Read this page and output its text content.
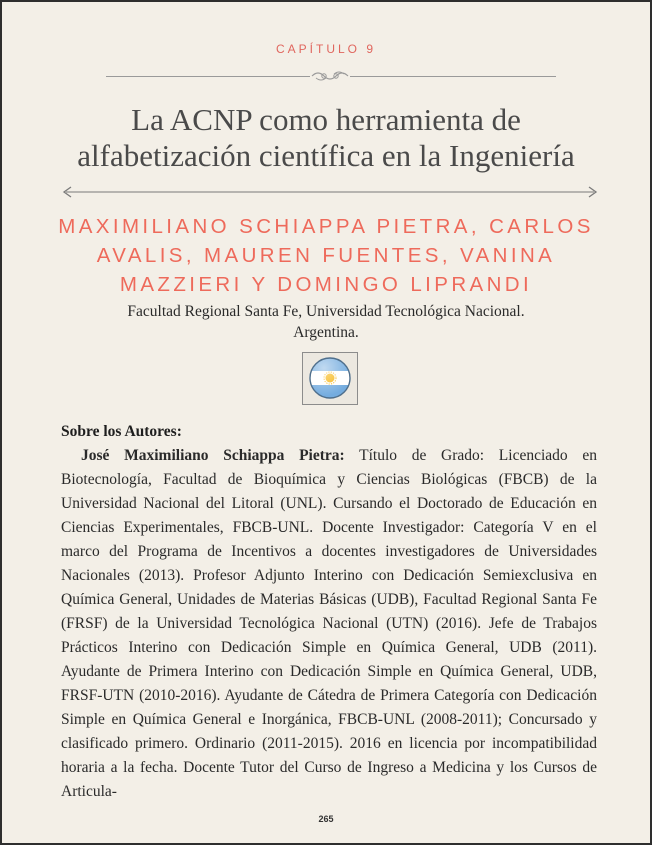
CAPÍTULO 9
La ACNP como herramienta de alfabetización científica en la Ingeniería
MAXIMILIANO SCHIAPPA PIETRA, CARLOS AVALIS, MAUREN FUENTES, VANINA MAZZIERI Y DOMINGO LIPRANDI
Facultad Regional Santa Fe, Universidad Tecnológica Nacional.
Argentina.
Sobre los Autores:

José Maximiliano Schiappa Pietra: Título de Grado: Licenciado en Biotecnología, Facultad de Bioquímica y Ciencias Biológicas (FBCB) de la Universidad Nacional del Litoral (UNL). Cursando el Doctorado de Educación en Ciencias Experimentales, FBCB-UNL. Docente Investigador: Categoría V en el marco del Programa de Incentivos a docentes investigadores de Universidades Nacionales (2013). Profesor Adjunto Interino con Dedicación Semiexclusiva en Química General, Unidades de Materias Básicas (UDB), Facultad Regional Santa Fe (FRSF) de la Universidad Tecnológica Nacional (UTN) (2016). Jefe de Trabajos Prácticos Interino con Dedicación Simple en Química General, UDB (2011). Ayudante de Primera Interino con Dedicación Simple en Química General, UDB, FRSF-UTN (2010-2016). Ayudante de Cátedra de Primera Categoría con Dedicación Simple en Química General e Inorgánica, FBCB-UNL (2008-2011); Concursado y clasificado primero. Ordinario (2011-2015). 2016 en licencia por incompatibilidad horaria a la fecha. Docente Tutor del Curso de Ingreso a Medicina y los Cursos de Articula-

265
